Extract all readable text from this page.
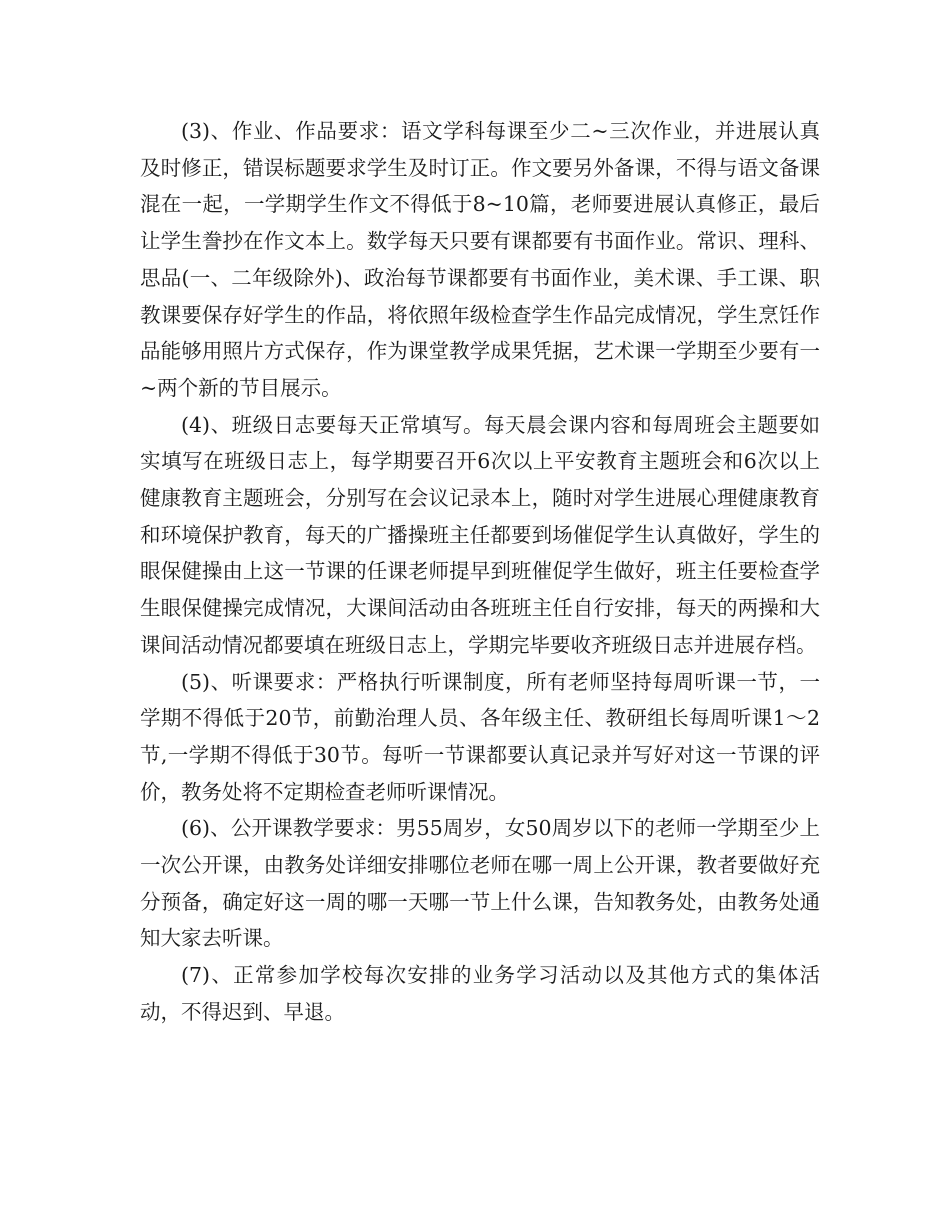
(3)、作业、作品要求：语文学科每课至少二~三次作业，并进展认真及时修正，错误标题要求学生及时订正。作文要另外备课，不得与语文备课混在一起，一学期学生作文不得低于8~10篇，老师要进展认真修正，最后让学生誊抄在作文本上。数学每天只要有课都要有书面作业。常识、理科、思品(一、二年级除外)、政治每节课都要有书面作业，美术课、手工课、职教课要保存好学生的作品，将依照年级检查学生作品完成情况，学生烹饪作品能够用照片方式保存，作为课堂教学成果凭据，艺术课一学期至少要有一~两个新的节目展示。

(4)、班级日志要每天正常填写。每天晨会课内容和每周班会主题要如实填写在班级日志上，每学期要召开6次以上平安教育主题班会和6次以上健康教育主题班会，分别写在会议记录本上，随时对学生进展心理健康教育和环境保护教育，每天的广播操班主任都要到场催促学生认真做好，学生的眼保健操由上这一节课的任课老师提早到班催促学生做好，班主任要检查学生眼保健操完成情况，大课间活动由各班班主任自行安排，每天的两操和大课间活动情况都要填在班级日志上，学期完毕要收齐班级日志并进展存档。

(5)、听课要求：严格执行听课制度，所有老师坚持每周听课一节，一学期不得低于20节，前勤治理人员、各年级主任、教研组长每周听课1～2节,一学期不得低于30节。每听一节课都要认真记录并写好对这一节课的评价，教务处将不定期检查老师听课情况。

(6)、公开课教学要求：男55周岁，女50周岁以下的老师一学期至少上一次公开课，由教务处详细安排哪位老师在哪一周上公开课，教者要做好充分预备，确定好这一周的哪一天哪一节上什么课，告知教务处，由教务处通知大家去听课。

(7)、正常参加学校每次安排的业务学习活动以及其他方式的集体活动，不得迟到、早退。
